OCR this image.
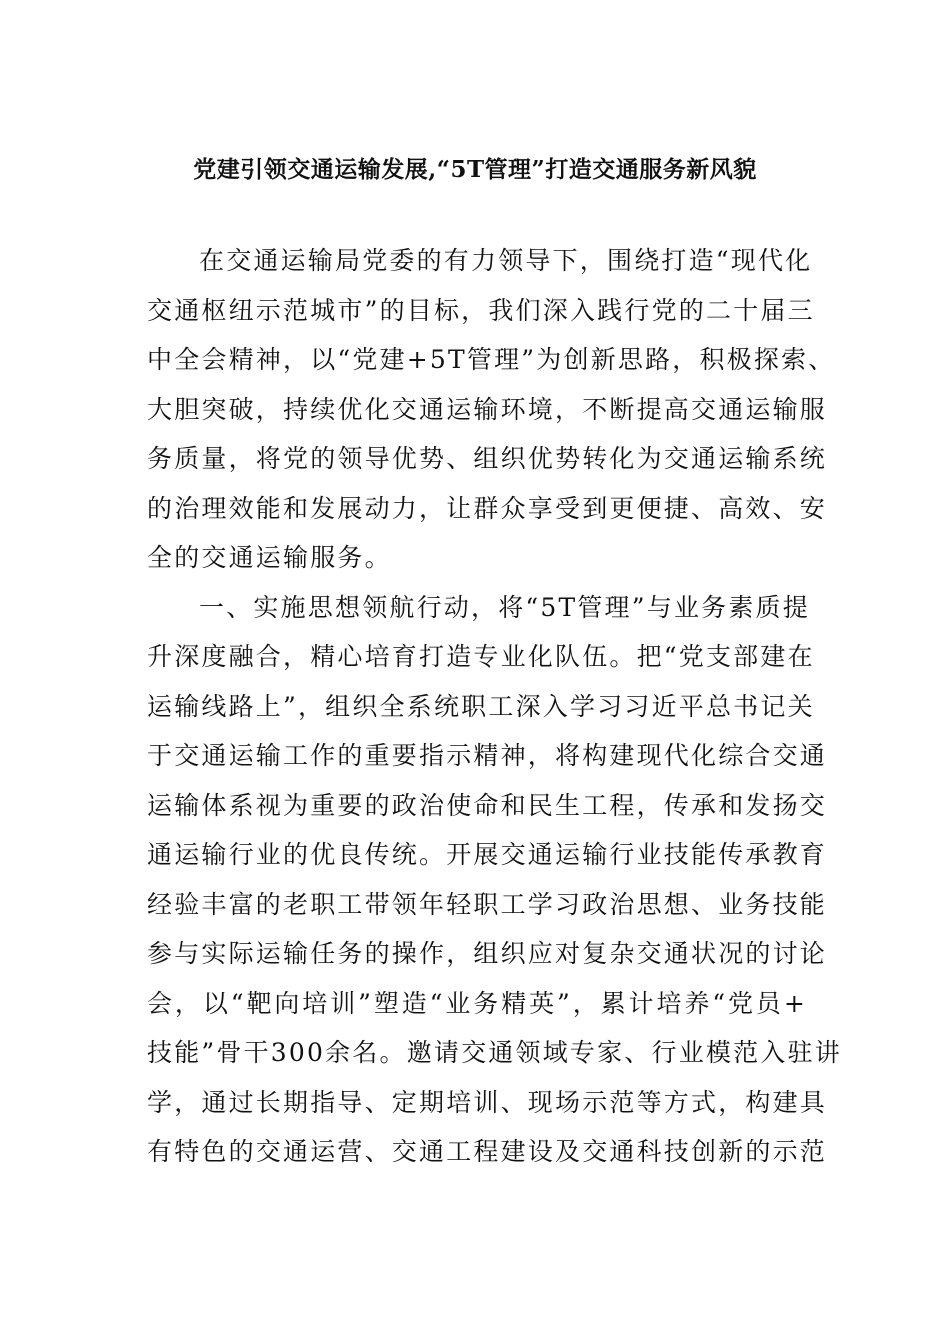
党建引领交通运输发展,“5T管理”打造交通服务新风貌
在交通运输局党委的有力领导下，围绕打造“现代化
交通枢纽示范城市”的目标，我们深入践行党的二十届三
中全会精神，以“党建+5T管理”为创新思路，积极探索、
大胆突破，持续优化交通运输环境，不断提高交通运输服
务质量，将党的领导优势、组织优势转化为交通运输系统
的治理效能和发展动力，让群众享受到更便捷、高效、安
全的交通运输服务。
一、实施思想领航行动，将“5T管理”与业务素质提
升深度融合，精心培育打造专业化队伍。把“党支部建在
运输线路上”，组织全系统职工深入学习习近平总书记关
于交通运输工作的重要指示精神，将构建现代化综合交通
运输体系视为重要的政治使命和民生工程，传承和发扬交
通运输行业的优良传统。开展交通运输行业技能传承教育
经验丰富的老职工带领年轻职工学习政治思想、业务技能
参与实际运输任务的操作，组织应对复杂交通状况的讨论
会，以“靶向培训”塑造“业务精英”，累计培养“党员+
技能”骨干300余名。邀请交通领域专家、行业模范入驻讲
学，通过长期指导、定期培训、现场示范等方式，构建具
有特色的交通运营、交通工程建设及交通科技创新的示范
